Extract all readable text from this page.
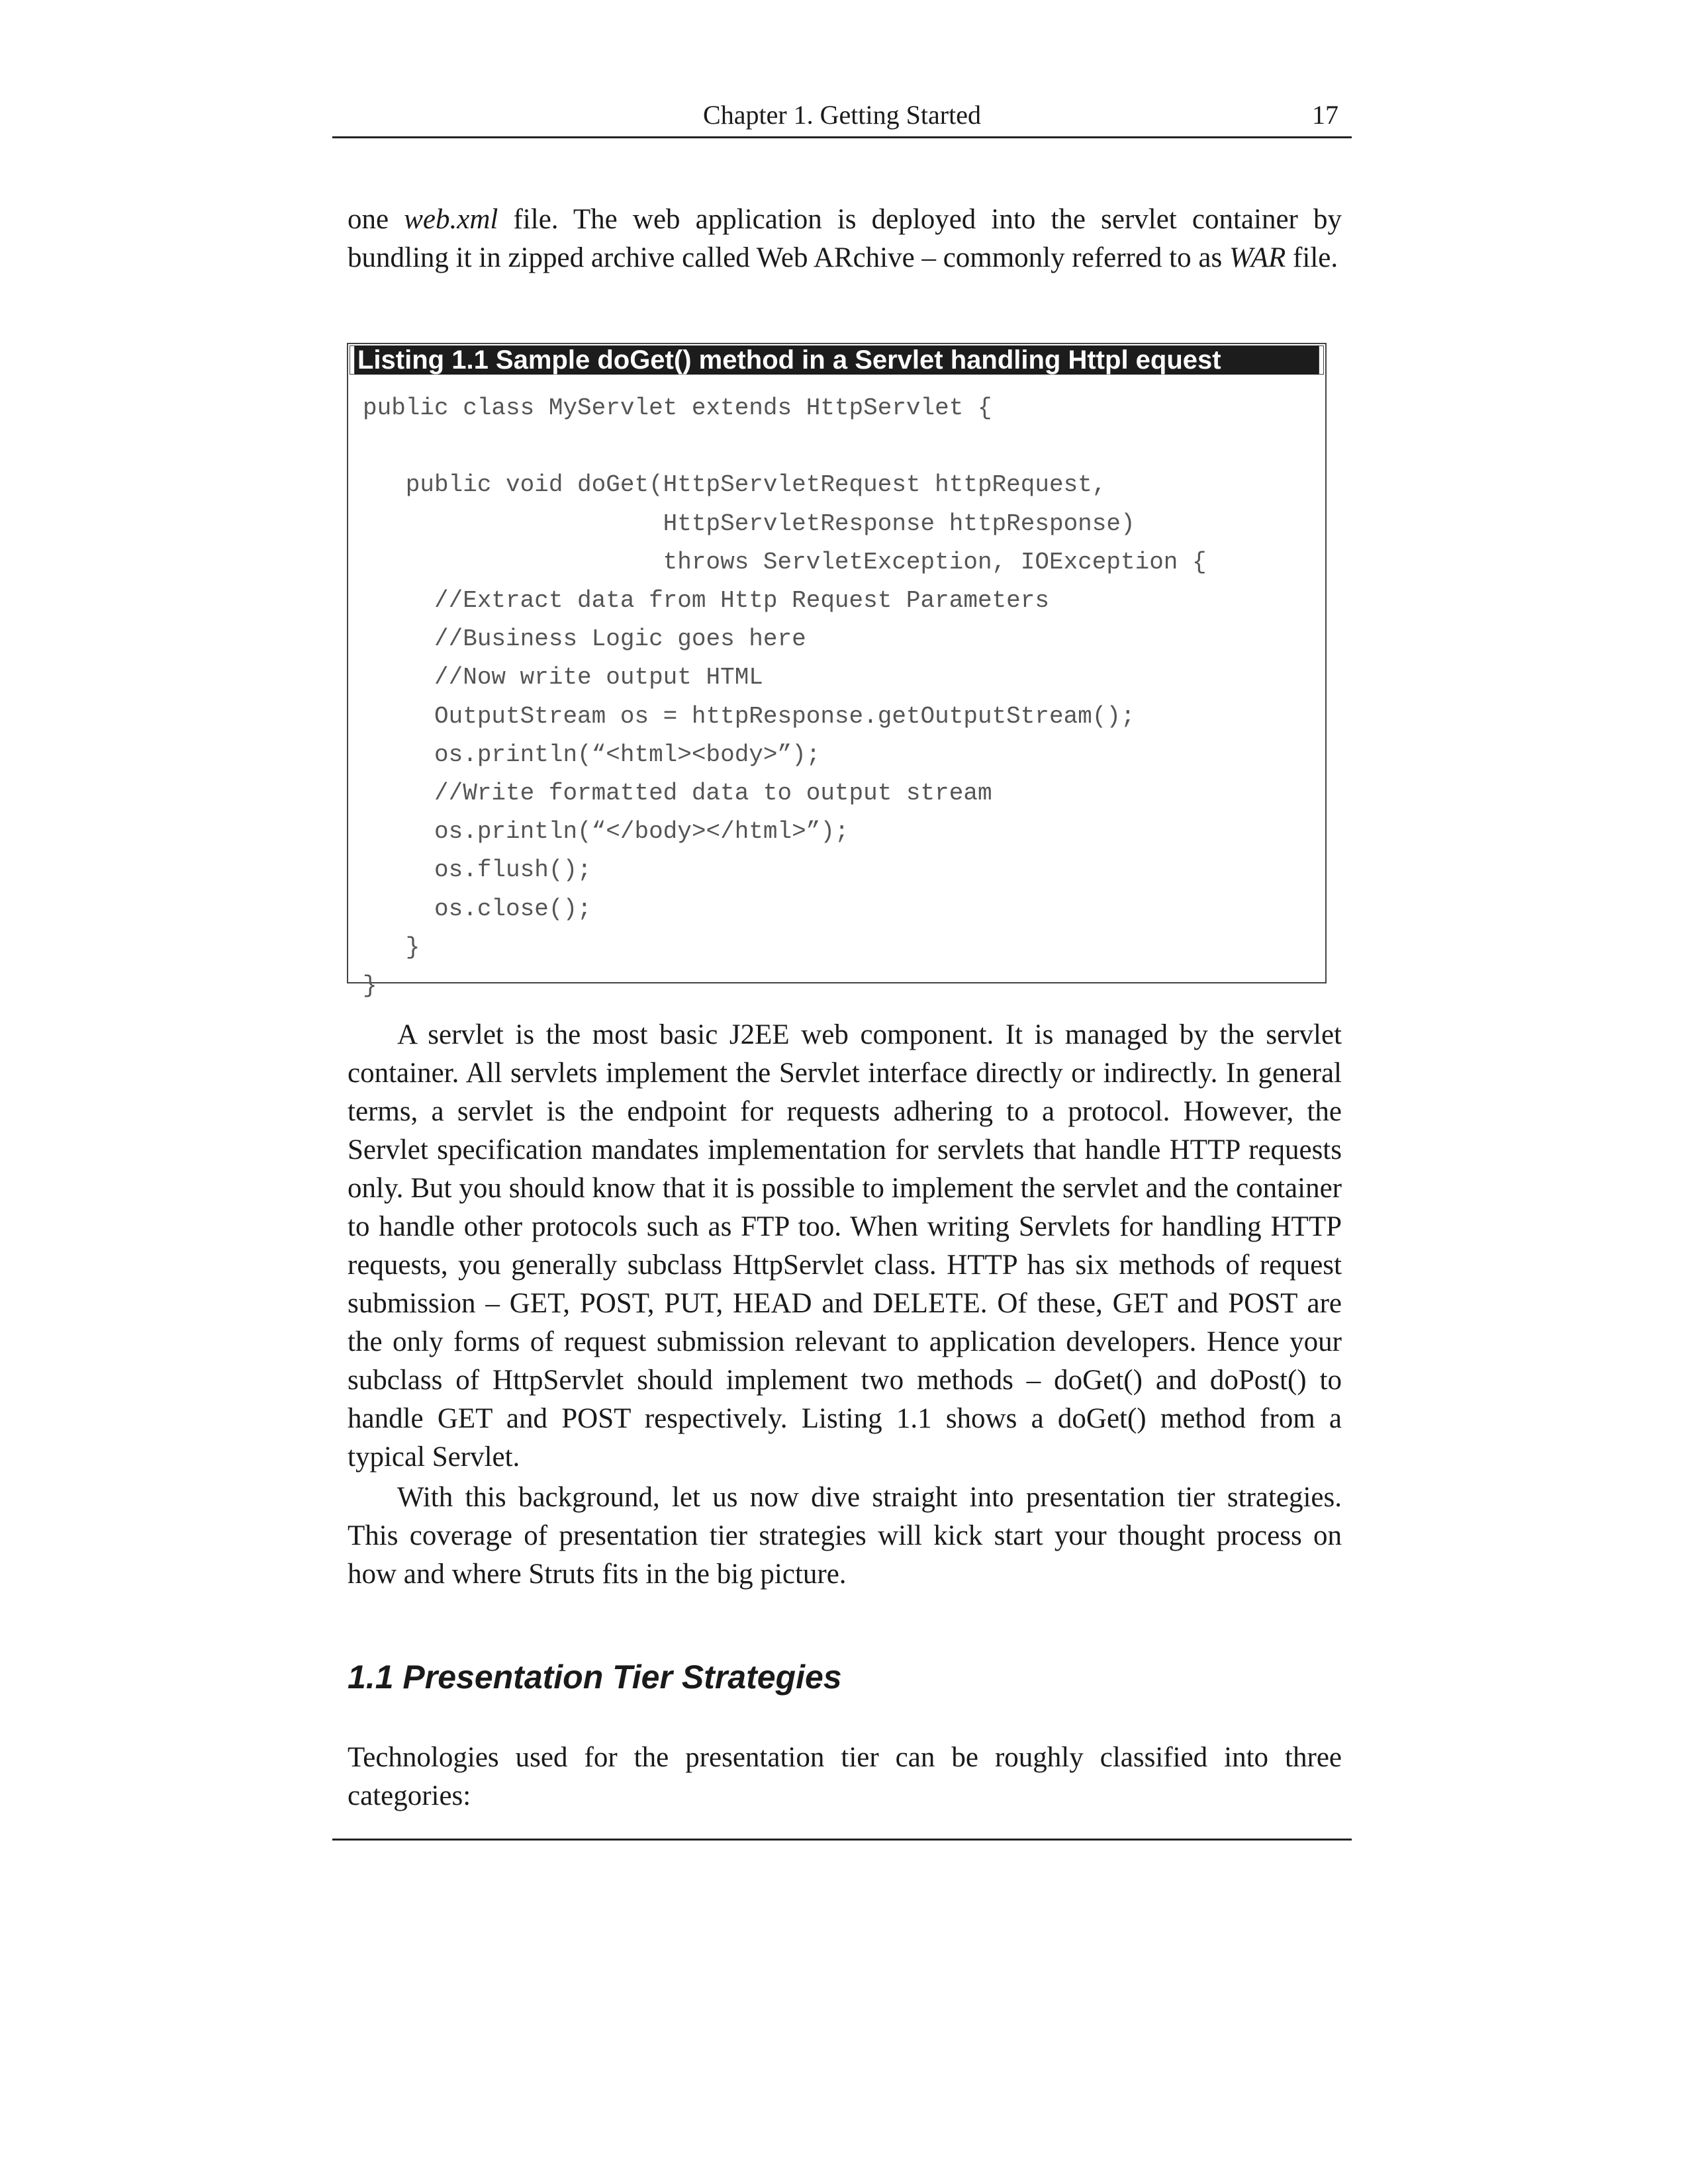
Chapter 1. Getting Started	17
one web.xml file. The web application is deployed into the servlet container by bundling it in zipped archive called Web ARchive – commonly referred to as WAR file.
Listing 1.1 Sample doGet() method in a Servlet handling Httpl equest
public class MyServlet extends HttpServlet {

public void doGet(HttpServletRequest httpRequest,
HttpServletResponse httpResponse)
throws ServletException, IOException {
//Extract data from Http Request Parameters
//Business Logic goes here
//Now write output HTML
OutputStream os = httpResponse.getOutputStream();
os.println(“<html><body>”);
//Write formatted data to output stream
os.println(“</body></html>”);
os.flush();
os.close();
}
}
A servlet is the most basic J2EE web component. It is managed by the servlet container. All servlets implement the Servlet interface directly or indirectly. In general terms, a servlet is the endpoint for requests adhering to a protocol. However, the Servlet specification mandates implementation for servlets that handle HTTP requests only. But you should know that it is possible to implement the servlet and the container to handle other protocols such as FTP too. When writing Servlets for handling HTTP requests, you generally subclass HttpServlet class. HTTP has six methods of request submission – GET, POST, PUT, HEAD and DELETE. Of these, GET and POST are the only forms of request submission relevant to application developers. Hence your subclass of HttpServlet should implement two methods – doGet() and doPost() to handle GET and POST respectively. Listing 1.1 shows a doGet() method from a typical Servlet.
With this background, let us now dive straight into presentation tier strategies. This coverage of presentation tier strategies will kick start your thought process on how and where Struts fits in the big picture.
1.1 Presentation Tier Strategies
Technologies used for the presentation tier can be roughly classified into three categories:
